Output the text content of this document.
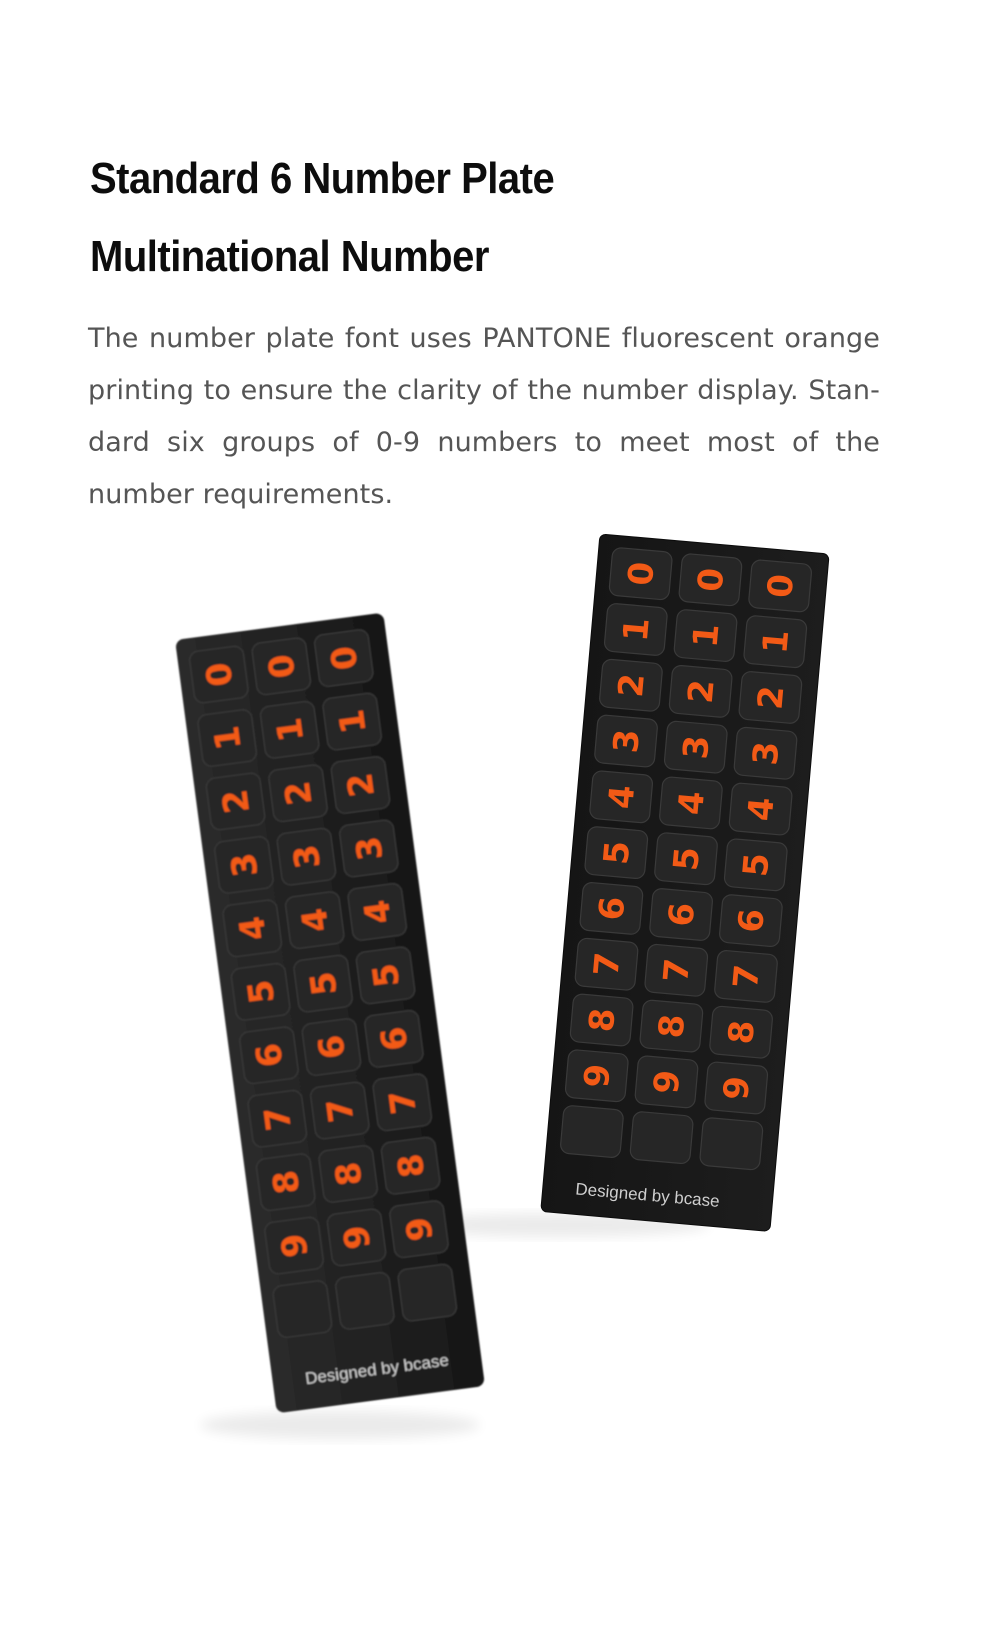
Standard 6 Number Plate
Multinational Number

The number plate font uses PANTONE fluorescent orange printing to ensure the clarity of the number display. Stan-dard six groups of 0-9 numbers to meet most of the number requirements.

0 0 0
1 1 1
2 2 2
3 3 3
4 4 4
5 5 5
6 6 6
7 7 7
8 8 8
9 9 9
Designed by bcase
0 0 0
1 1 1
2 2 2
3 3 3
4 4 4
5 5 5
6 6 6
7 7 7
8 8 8
9 9 9
Designed by bcase
